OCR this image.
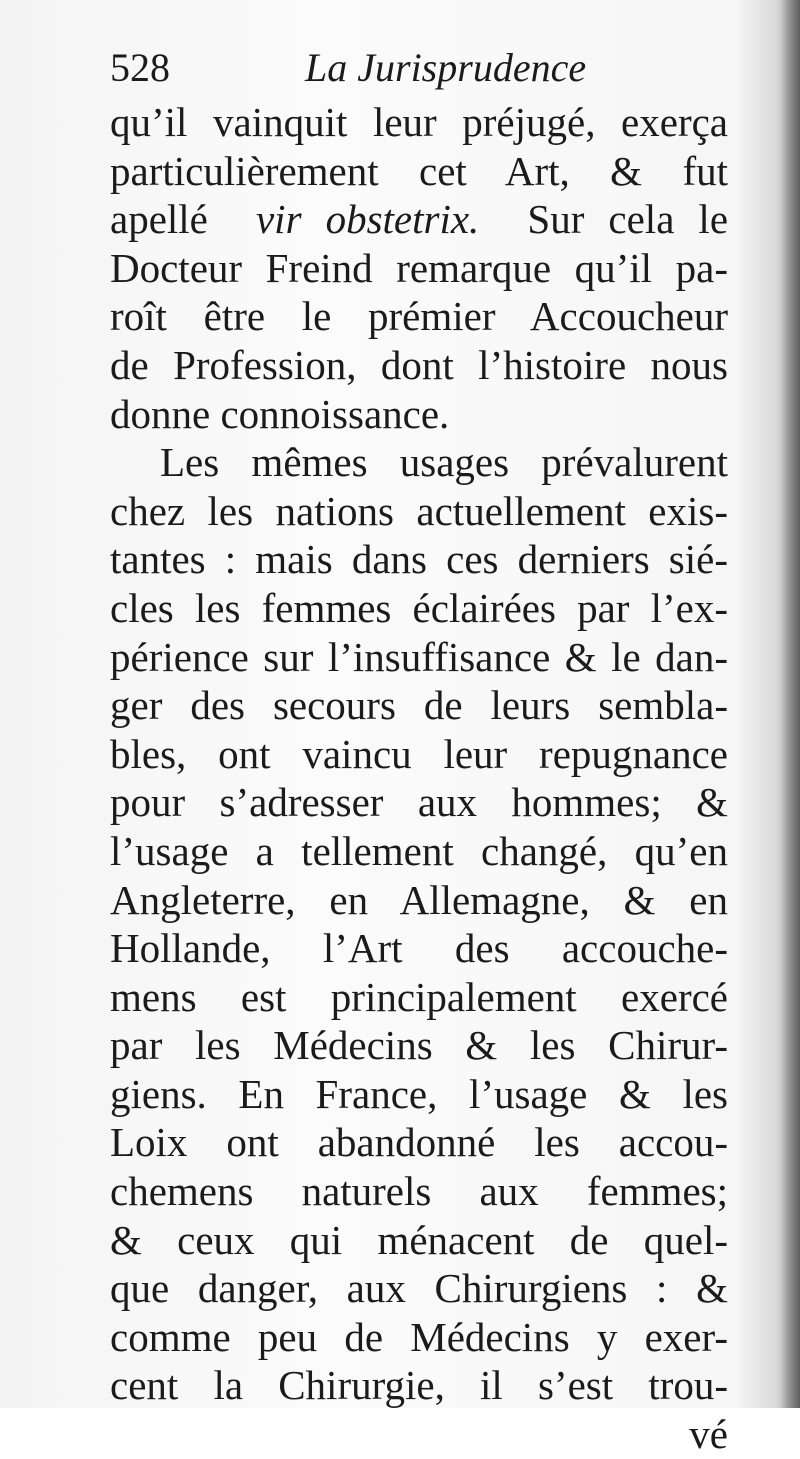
528	La Jurisprudence
qu’il vainquit leur préjugé, exerça
particulièrement cet Art, & fut
apellé vir obstetrix. Sur cela le
Doсteur Freind remarque qu’il pa-
roît être le prémier Accoucheur
de Profession, dont l’histoire nous
donne connoissance.
Les mêmes usages prévalurent
chez les nations actuellement exis-
tantes : mais dans ces derniers sié-
cles les femmes éclairées par l’ex-
périence sur l’insuffisance & le dan-
ger des secours de leurs sembla-
bles, ont vaincu leur repugnance
pour s’adresser aux hommes; &
l’usage a tellement changé, qu’en
Angleterre, en Allemagne, & en
Hollande, l’Art des accouche-
mens est principalement exercé
par les Médecins & les Chirur-
giens. En France, l’usage & les
Loix ont abandonné les accou-
chemens naturels aux femmes;
& ceux qui ménacent de quel-
que danger, aux Chirurgiens : &
comme peu de Médecins y exer-
cent la Chirurgie, il s’est trou-
vé
